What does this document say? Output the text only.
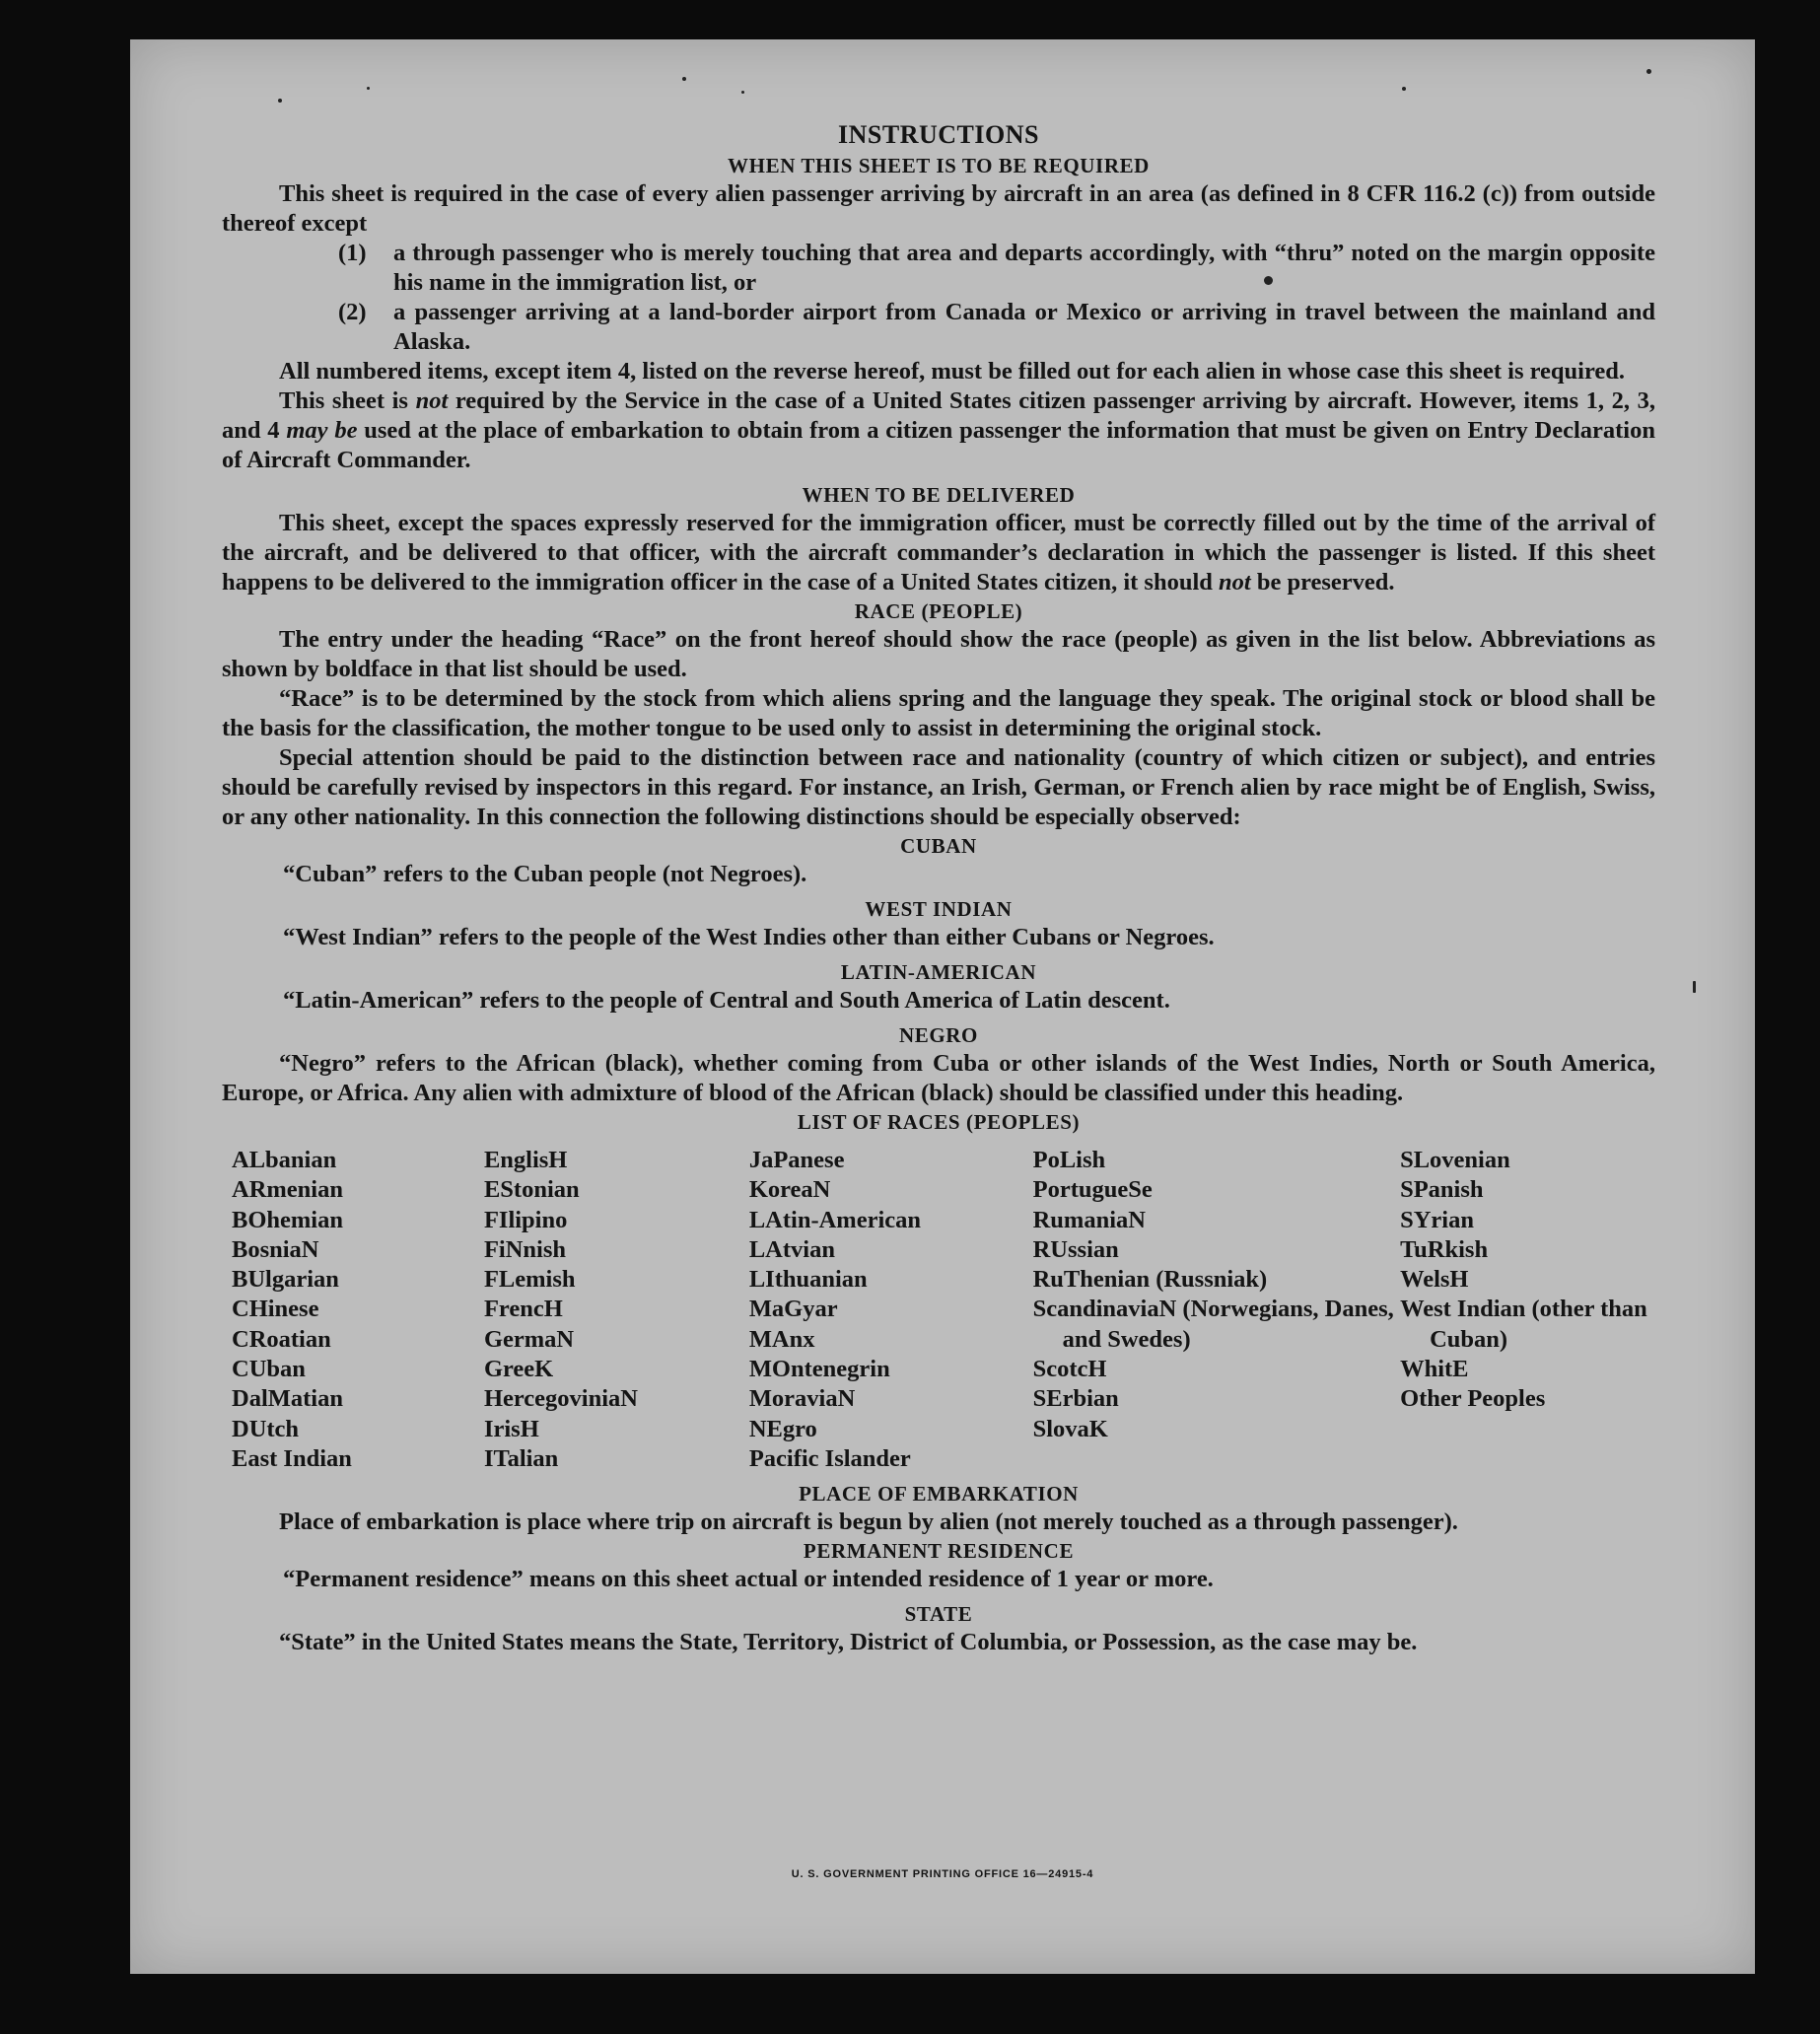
INSTRUCTIONS
WHEN THIS SHEET IS TO BE REQUIRED

This sheet is required in the case of every alien passenger arriving by aircraft in an area (as defined in 8 CFR 116.2 (c)) from outside thereof except

(1)	a through passenger who is merely touching that area and departs accordingly, with “thru” noted on the margin opposite his name in the immigration list, or
(2)	a passenger arriving at a land-border airport from Canada or Mexico or arriving in travel between the mainland and Alaska.

All numbered items, except item 4, listed on the reverse hereof, must be filled out for each alien in whose case this sheet is required.

This sheet is not required by the Service in the case of a United States citizen passenger arriving by aircraft. However, items 1, 2, 3, and 4 may be used at the place of embarkation to obtain from a citizen passenger the information that must be given on Entry Declaration of Aircraft Commander.

WHEN TO BE DELIVERED

This sheet, except the spaces expressly reserved for the immigration officer, must be correctly filled out by the time of the arrival of the aircraft, and be delivered to that officer, with the aircraft commander’s declaration in which the passenger is listed. If this sheet happens to be delivered to the immigration officer in the case of a United States citizen, it should not be preserved.

RACE (PEOPLE)

The entry under the heading “Race” on the front hereof should show the race (people) as given in the list below. Abbreviations as shown by boldface in that list should be used.

“Race” is to be determined by the stock from which aliens spring and the language they speak. The original stock or blood shall be the basis for the classification, the mother tongue to be used only to assist in determining the original stock.

Special attention should be paid to the distinction between race and nationality (country of which citizen or subject), and entries should be carefully revised by inspectors in this regard. For instance, an Irish, German, or French alien by race might be of English, Swiss, or any other nationality. In this connection the following distinctions should be especially observed:

CUBAN

“Cuban” refers to the Cuban people (not Negroes).

WEST INDIAN

“West Indian” refers to the people of the West Indies other than either Cubans or Negroes.

LATIN-AMERICAN

“Latin-American” refers to the people of Central and South America of Latin descent.

NEGRO

“Negro” refers to the African (black), whether coming from Cuba or other islands of the West Indies, North or South America, Europe, or Africa. Any alien with admixture of blood of the African (black) should be classified under this heading.

LIST OF RACES (PEOPLES)
ALbanian
ARmenian
BOhemian
BosniaN
BUlgarian
CHinese
CRoatian
CUban
DalMatian
DUtch
East Indian
EnglisH
EStonian
FIlipino
FiNnish
FLemish
FrencH
GermaN
GreeK
HercegoviniaN
IrisH
ITalian
JaPanese
KoreaN
LAtin-American
LAtvian
LIthuanian
MaGyar
MAnx
MOntenegrin
MoraviaN
NEgro
Pacific Islander
PoLish
PortugueSe
RumaniaN
RUssian
RuThenian (Russniak)
ScandinaviaN (Norwegians, Danes, and Swedes)
ScotcH
SErbian
SlovaK
SLovenian
SPanish
SYrian
TuRkish
WelsH
West Indian (other than Cuban)
WhitE
Other Peoples
PLACE OF EMBARKATION

Place of embarkation is place where trip on aircraft is begun by alien (not merely touched as a through passenger).

PERMANENT RESIDENCE

“Permanent residence” means on this sheet actual or intended residence of 1 year or more.

STATE

“State” in the United States means the State, Territory, District of Columbia, or Possession, as the case may be.

U. S. GOVERNMENT PRINTING OFFICE 16—24915-4
